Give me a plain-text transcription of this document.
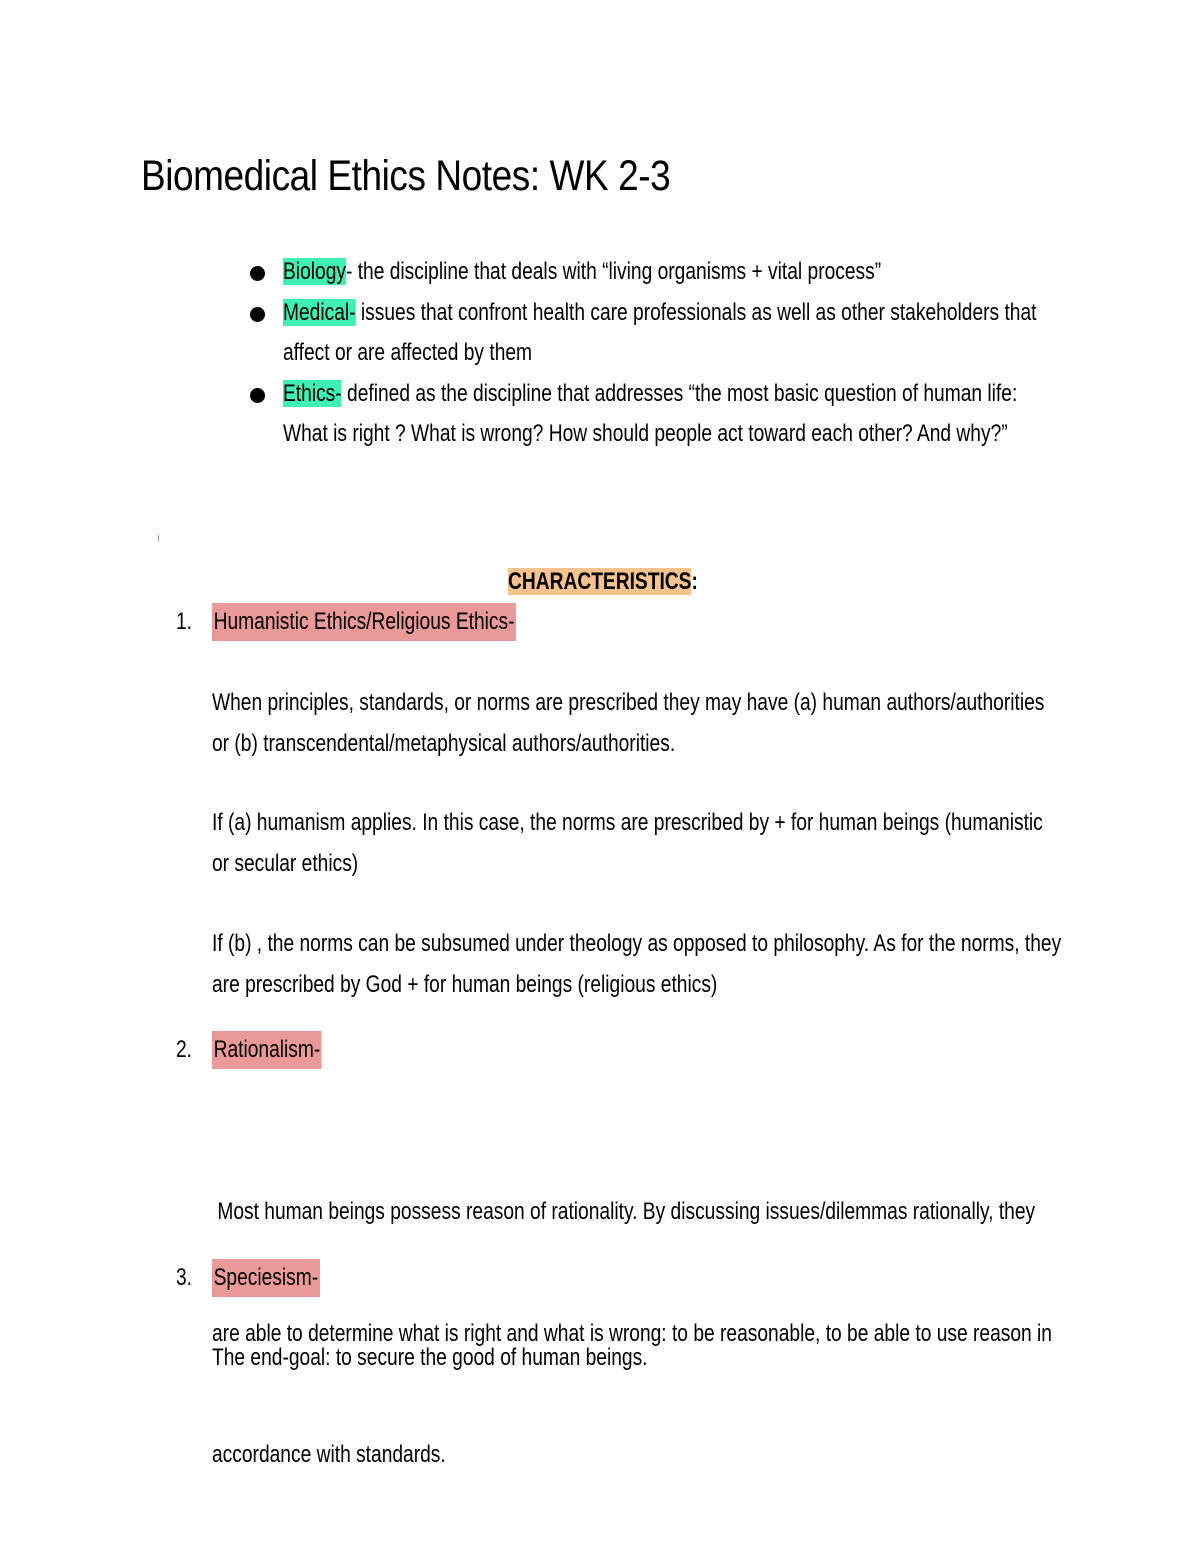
Biomedical Ethics Notes: WK 2-3
Biology- the discipline that deals with “living organisms + vital process”
Medical- issues that confront health care professionals as well as other stakeholders that
affect or are affected by them
Ethics- defined as the discipline that addresses “the most basic question of human life:
What is right ? What is wrong? How should people act toward each other? And why?”
CHARACTERISTICS:
1. Humanistic Ethics/Religious Ethics-
When principles, standards, or norms are prescribed they may have (a) human authors/authorities
or (b) transcendental/metaphysical authors/authorities.
If (a) humanism applies. In this case, the norms are prescribed by + for human beings (humanistic
or secular ethics)
If (b) , the norms can be subsumed under theology as opposed to philosophy. As for the norms, they
are prescribed by God + for human beings (religious ethics)
2. Rationalism-

Most human beings possess reason of rationality. By discussing issues/dilemmas rationally, they

are able to determine what is right and what is wrong: to be reasonable, to be able to use reason in

accordance with standards.

3. Speciesism-
The end-goal: to secure the good of human beings.
